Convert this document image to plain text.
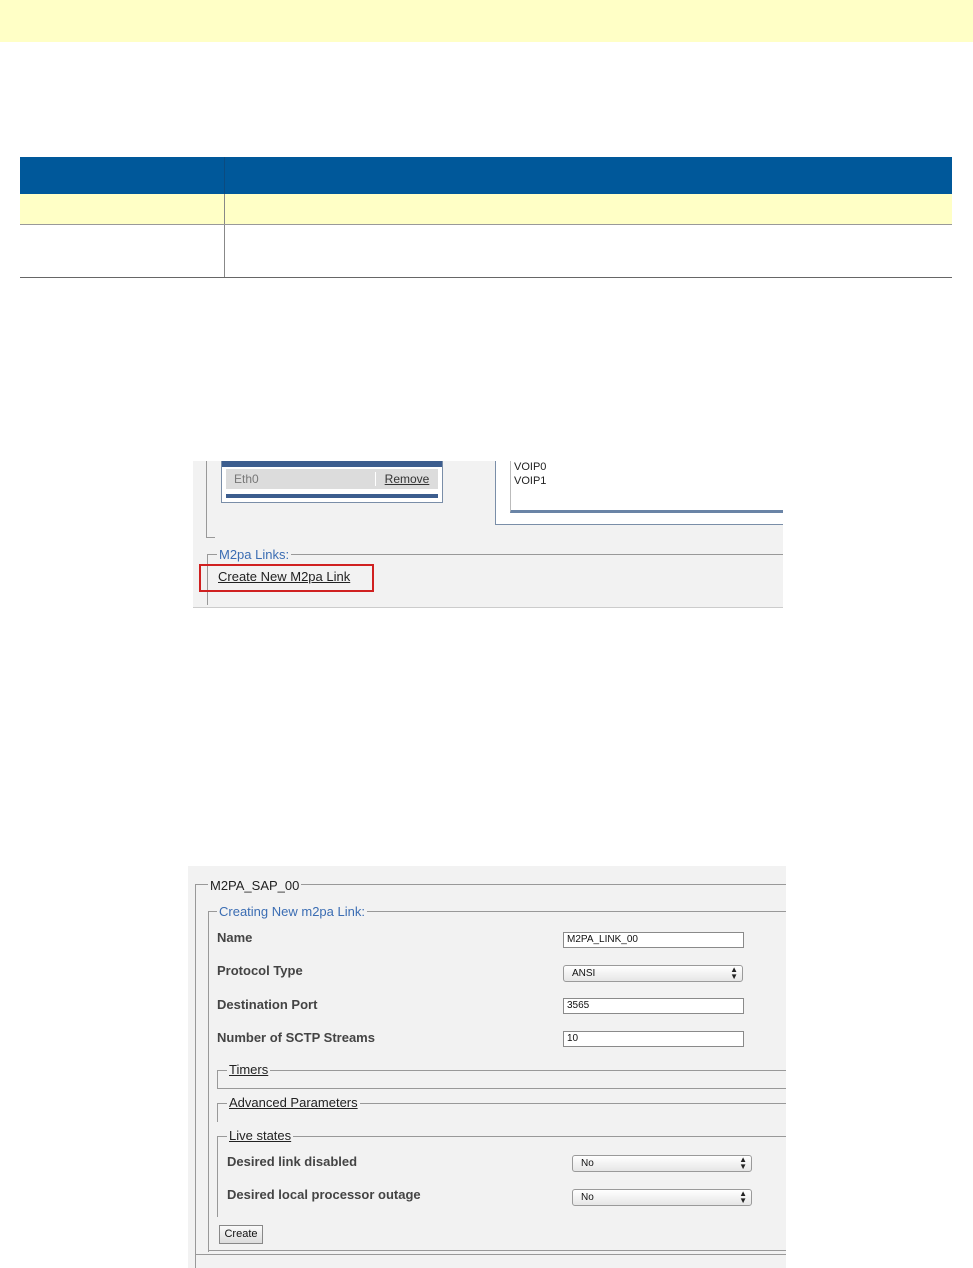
Eth0	Remove
VOIP0
VOIP1
M2pa Links:
Create New M2pa Link
M2PA_SAP_00
Creating New m2pa Link:
Name	M2PA_LINK_00
Protocol Type	ANSI	▲
▼
Destination Port	3565
Number of SCTP Streams	10
Timers
Advanced Parameters
Live states
Desired link disabled	No	▲
▼
Desired local processor outage	No	▲
▼
Create
